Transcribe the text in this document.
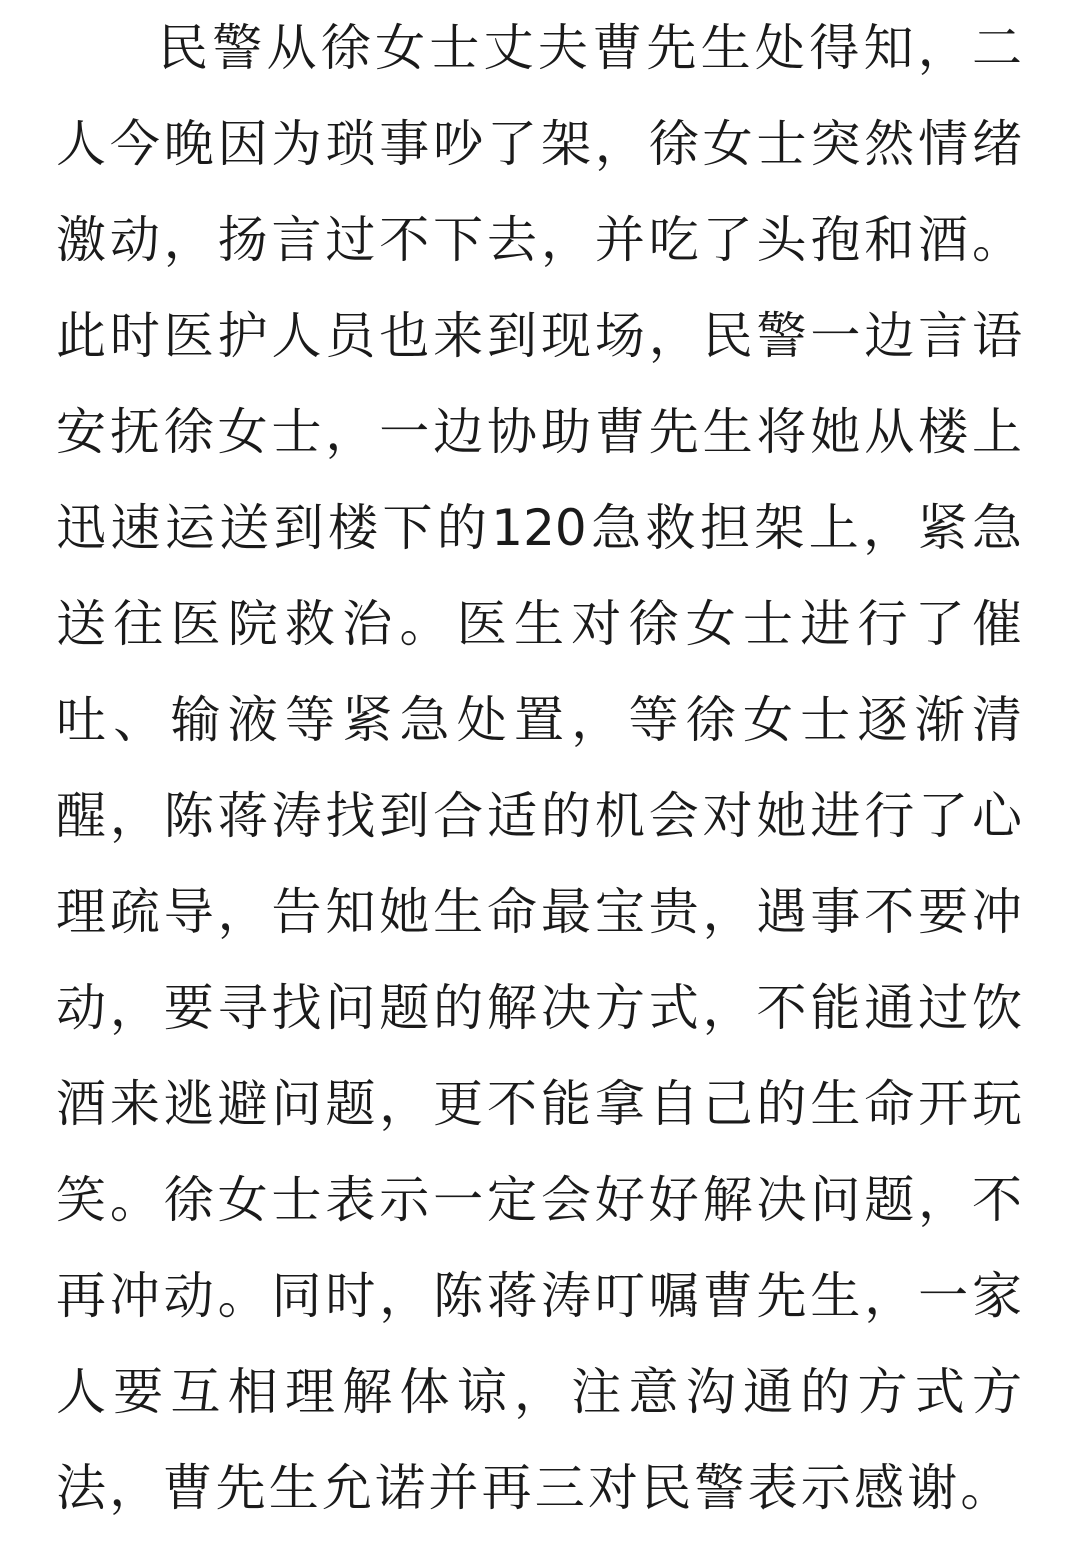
民警从徐女士丈夫曹先生处得知，二
人今晚因为琐事吵了架，徐女士突然情绪
激动，扬言过不下去，并吃了头孢和酒。
此时医护人员也来到现场，民警一边言语
安抚徐女士，一边协助曹先生将她从楼上
迅速运送到楼下的120急救担架上，紧急
送往医院救治。医生对徐女士进行了催
吐、输液等紧急处置，等徐女士逐渐清
醒，陈蒋涛找到合适的机会对她进行了心
理疏导，告知她生命最宝贵，遇事不要冲
动，要寻找问题的解决方式，不能通过饮
酒来逃避问题，更不能拿自己的生命开玩
笑。徐女士表示一定会好好解决问题，不
再冲动。同时，陈蒋涛叮嘱曹先生，一家
人要互相理解体谅，注意沟通的方式方
法，曹先生允诺并再三对民警表示感谢。
